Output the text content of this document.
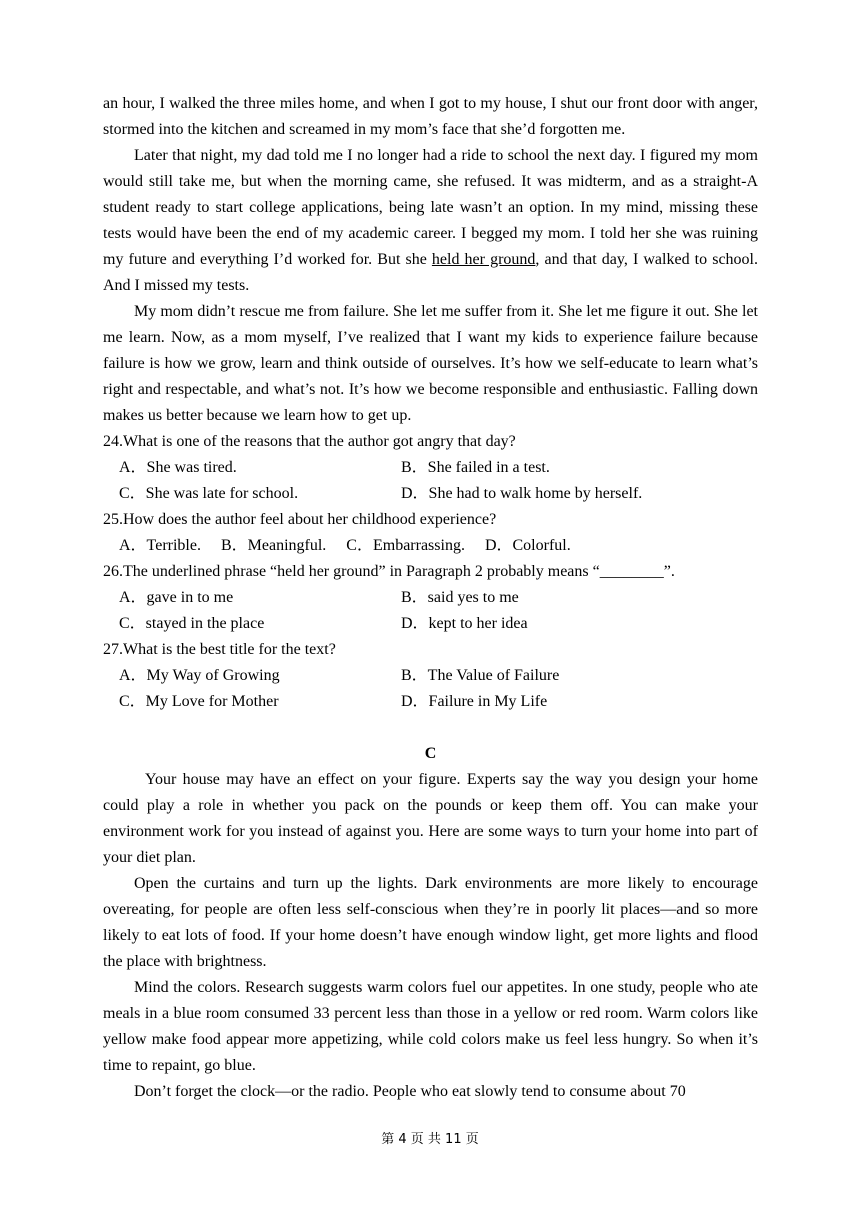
an hour, I walked the three miles home, and when I got to my house, I shut our front door with anger, stormed into the kitchen and screamed in my mom’s face that she’d forgotten me.

Later that night, my dad told me I no longer had a ride to school the next day. I figured my mom would still take me, but when the morning came, she refused. It was midterm, and as a straight-A student ready to start college applications, being late wasn’t an option. In my mind, missing these tests would have been the end of my academic career. I begged my mom. I told her she was ruining my future and everything I’d worked for. But she held her ground, and that day, I walked to school. And I missed my tests.

My mom didn’t rescue me from failure. She let me suffer from it. She let me figure it out. She let me learn. Now, as a mom myself, I’ve realized that I want my kids to experience failure because failure is how we grow, learn and think outside of ourselves. It’s how we self-educate to learn what’s right and respectable, and what’s not. It’s how we become responsible and enthusiastic. Falling down makes us better because we learn how to get up.

24.What is one of the reasons that the author got angry that day?

A．She was tired.	B．She failed in a test.
C．She was late for school.	D．She had to walk home by herself.

25.How does the author feel about her childhood experience?

A．Terrible. B．Meaningful. C．Embarrassing. D．Colorful.

26.The underlined phrase “held her ground” in Paragraph 2 probably means “________”.

A．gave in to me	B．said yes to me
C．stayed in the place	D．kept to her idea

27.What is the best title for the text?

A．My Way of Growing	B．The Value of Failure
C．My Love for Mother	D．Failure in My Life

C

Your house may have an effect on your figure. Experts say the way you design your home could play a role in whether you pack on the pounds or keep them off. You can make your environment work for you instead of against you. Here are some ways to turn your home into part of your diet plan.

Open the curtains and turn up the lights. Dark environments are more likely to encourage overeating, for people are often less self-conscious when they’re in poorly lit places—and so more likely to eat lots of food. If your home doesn’t have enough window light, get more lights and flood the place with brightness.

Mind the colors. Research suggests warm colors fuel our appetites. In one study, people who ate meals in a blue room consumed 33 percent less than those in a yellow or red room. Warm colors like yellow make food appear more appetizing, while cold colors make us feel less hungry. So when it’s time to repaint, go blue.

Don’t forget the clock—or the radio. People who eat slowly tend to consume about 70

第 4 页 共 11 页
